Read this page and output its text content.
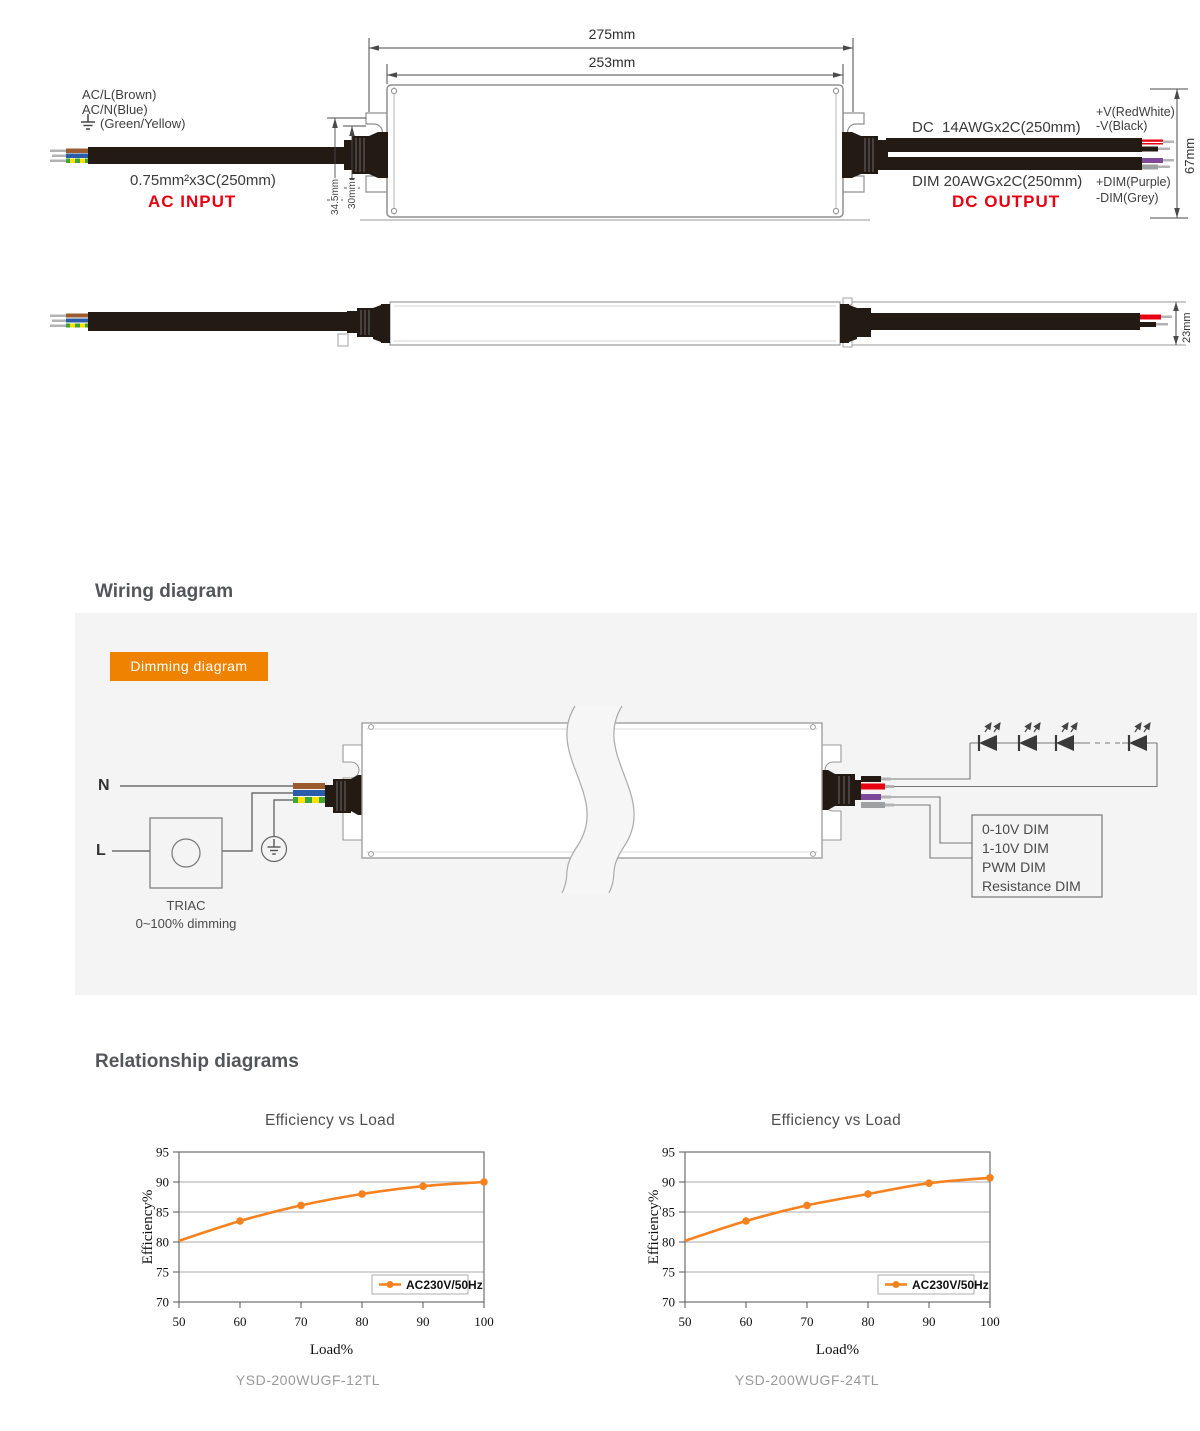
275mm
253mm
AC/L(Brown)
AC/N(Blue)
(Green/Yellow)
0.75mm²x3C(250mm)
AC INPUT
DC  14AWGx2C(250mm)
+V(RedWhite)
-V(Black)
DIM 20AWGx2C(250mm) +DIM(Purple)
-DIM(Grey)
DC OUTPUT
67mm
34.5mm 30mm
23mm
Wiring diagram
Dimming diagram
N
L
TRIAC
0~100% dimming
0-10V DIM
1-10V DIM
PWM DIM
Resistance DIM
Relationship diagrams
Efficiency vs Load	Efficiency vs Load
70
75
80
85
90
95
50	60	70	80	90	100
Load%
Efficiency%
AC230V/50Hz
70
75
80
85
90
95
50	60	70	80	90	100
Load%
Efficiency%
AC230V/50Hz
YSD-200WUGF-12TL	YSD-200WUGF-24TL
